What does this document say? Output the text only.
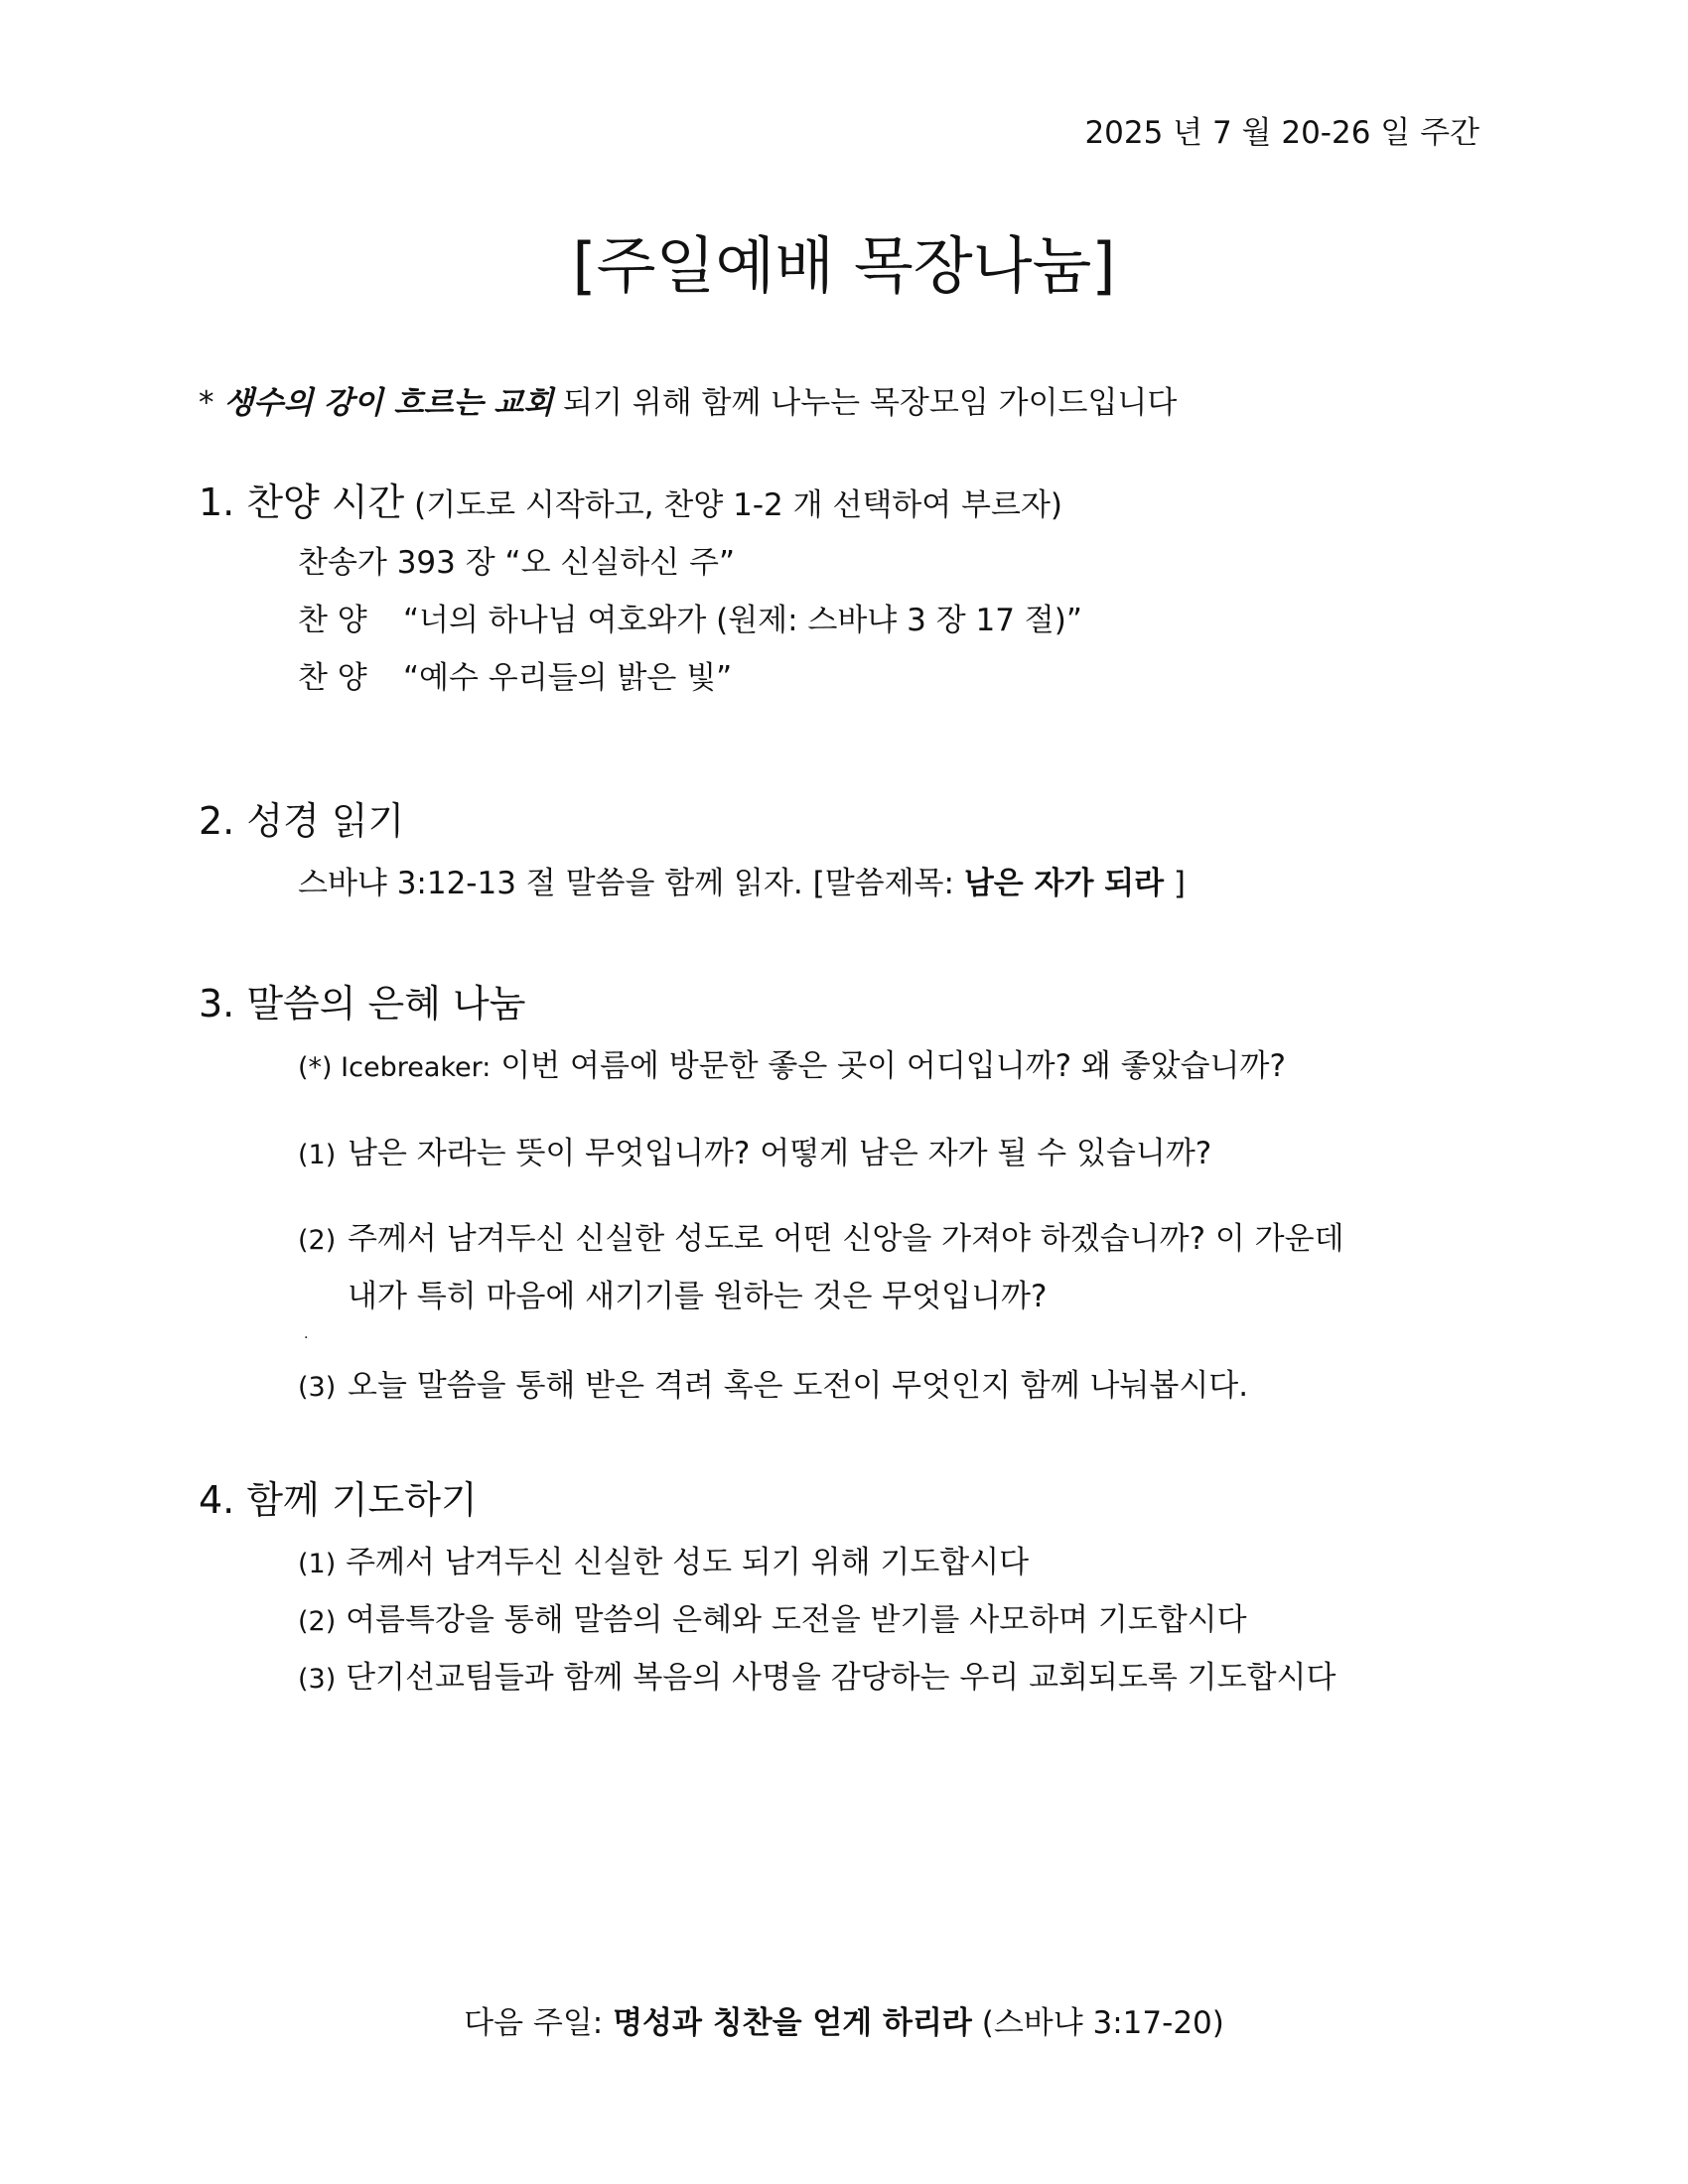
2025 년 7 월 20-26 일 주간
[주일예배 목장나눔]
* 생수의 강이 흐르는 교회 되기 위해 함께 나누는 목장모임 가이드입니다
1. 찬양 시간 (기도로 시작하고, 찬양 1-2 개 선택하여 부르자)
찬송가 393 장 “오 신실하신 주”
찬 양 “너의 하나님 여호와가 (원제: 스바냐 3 장 17 절)”
찬 양 “예수 우리들의 밝은 빛”
2. 성경 읽기
스바냐 3:12-13 절 말씀을 함께 읽자. [말씀제목: 남은 자가 되라 ]
3. 말씀의 은혜 나눔
(*) Icebreaker: 이번 여름에 방문한 좋은 곳이 어디입니까? 왜 좋았습니까?
(1) 남은 자라는 뜻이 무엇입니까? 어떻게 남은 자가 될 수 있습니까?
(2) 주께서 남겨두신 신실한 성도로 어떤 신앙을 가져야 하겠습니까? 이 가운데
내가 특히 마음에 새기기를 원하는 것은 무엇입니까?
·
(3) 오늘 말씀을 통해 받은 격려 혹은 도전이 무엇인지 함께 나눠봅시다.
4. 함께 기도하기
(1) 주께서 남겨두신 신실한 성도 되기 위해 기도합시다
(2) 여름특강을 통해 말씀의 은혜와 도전을 받기를 사모하며 기도합시다
(3) 단기선교팀들과 함께 복음의 사명을 감당하는 우리 교회되도록 기도합시다
다음 주일: 명성과 칭찬을 얻게 하리라 (스바냐 3:17-20)
